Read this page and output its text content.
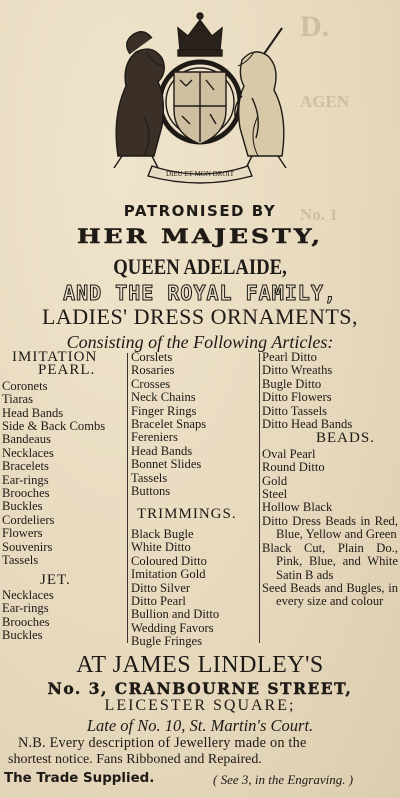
D.
AGEN
No. 1
DIEU ET MON DROIT
PATRONISED BY
HER MAJESTY,
QUEEN ADELAIDE,
AND THE ROYAL FAMILY,
LADIES' DRESS ORNAMENTS,
Consisting of the Following Articles:
IMITATION
PEARL.
Coronets
Tiaras
Head Bands
Side & Back Combs
Bandeaus
Necklaces
Bracelets
Ear-rings
Brooches
Buckles
Cordeliers
Flowers
Souvenirs
Tassels
JET.
Necklaces
Ear-rings
Brooches
Buckles
Corslets
Rosaries
Crosses
Neck Chains
Finger Rings
Bracelet Snaps
Fereniers
Head Bands
Bonnet Slides
Tassels
Buttons
TRIMMINGS.
Black Bugle
White Ditto
Coloured Ditto
Imitation Gold
Ditto Silver
Ditto Pearl
Bullion and Ditto
Wedding Favors
Bugle Fringes
Pearl Ditto
Ditto Wreaths
Bugle Ditto
Ditto Flowers
Ditto Tassels
Ditto Head Bands
BEADS.
Oval Pearl
Round Ditto
Gold
Steel
Hollow Black
Ditto Dress Beads in Red, Blue, Yellow and Green
Black Cut, Plain Do., Pink, Blue, and White Satin B ads
Seed Beads and Bugles, in every size and colour
AT JAMES LINDLEY'S
No. 3, CRANBOURNE STREET,
LEICESTER SQUARE;
Late of No. 10, St. Martin's Court.
N.B. Every description of Jewellery made on the
shortest notice. Fans Ribboned and Repaired.
The Trade Supplied.	( See 3, in the Engraving. )
